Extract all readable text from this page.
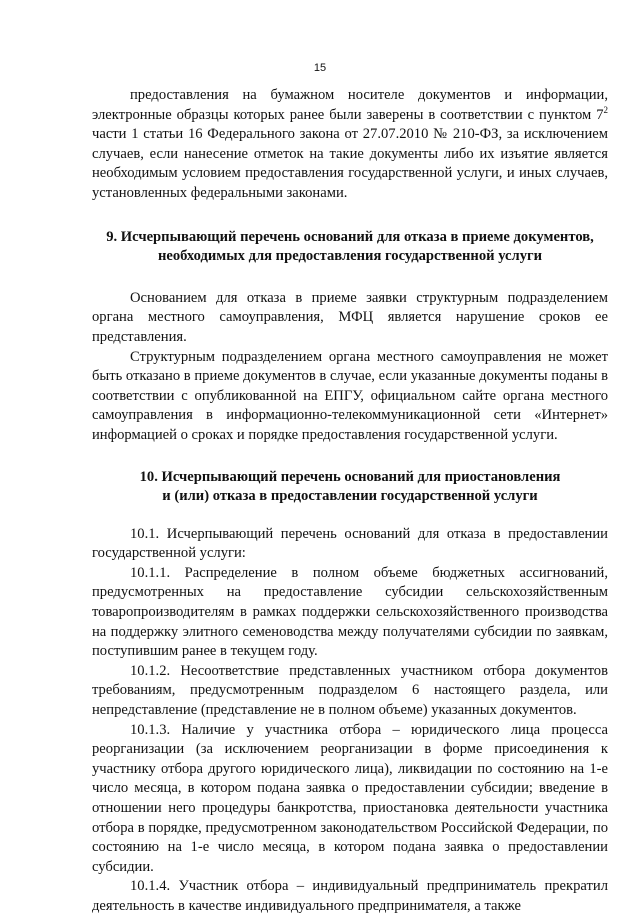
15

предоставления на бумажном носителе документов и информации, электронные образцы которых ранее были заверены в соответствии с пунктом $7^2$ части 1 статьи 16 Федерального закона от 27.07.2010 № 210-ФЗ, за исключением случаев, если нанесение отметок на такие документы либо их изъятие является необходимым условием предоставления государственной услуги, и иных случаев, установленных федеральными законами.

9. Исчерпывающий перечень оснований для отказа в приеме документов,
необходимых для предоставления государственной услуги

Основанием для отказа в приеме заявки структурным подразделением органа местного самоуправления, МФЦ является нарушение сроков ее представления.

Структурным подразделением органа местного самоуправления не может быть отказано в приеме документов в случае, если указанные документы поданы в соответствии с опубликованной на ЕПГУ, официальном сайте органа местного самоуправления в информационно-телекоммуникационной сети «Интернет» информацией о сроках и порядке предоставления государственной услуги.

10. Исчерпывающий перечень оснований для приостановления
и (или) отказа в предоставлении государственной услуги

10.1. Исчерпывающий перечень оснований для отказа в предоставлении государственной услуги:

10.1.1. Распределение в полном объеме бюджетных ассигнований, предусмотренных на предоставление субсидии сельскохозяйственным товаропроизводителям в рамках поддержки сельскохозяйственного производства на поддержку элитного семеноводства между получателями субсидии по заявкам, поступившим ранее в текущем году.

10.1.2. Несоответствие представленных участником отбора документов требованиям, предусмотренным подразделом 6 настоящего раздела, или непредставление (представление не в полном объеме) указанных документов.

10.1.3. Наличие у участника отбора – юридического лица процесса реорганизации (за исключением реорганизации в форме присоединения к участнику отбора другого юридического лица), ликвидации по состоянию на 1-е число месяца, в котором подана заявка о предоставлении субсидии; введение в отношении него процедуры банкротства, приостановка деятельности участника отбора в порядке, предусмотренном законодательством Российской Федерации, по состоянию на 1-е число месяца, в котором подана заявка о предоставлении субсидии.

10.1.4. Участник отбора – индивидуальный предприниматель прекратил деятельность в качестве индивидуального предпринимателя, а также
